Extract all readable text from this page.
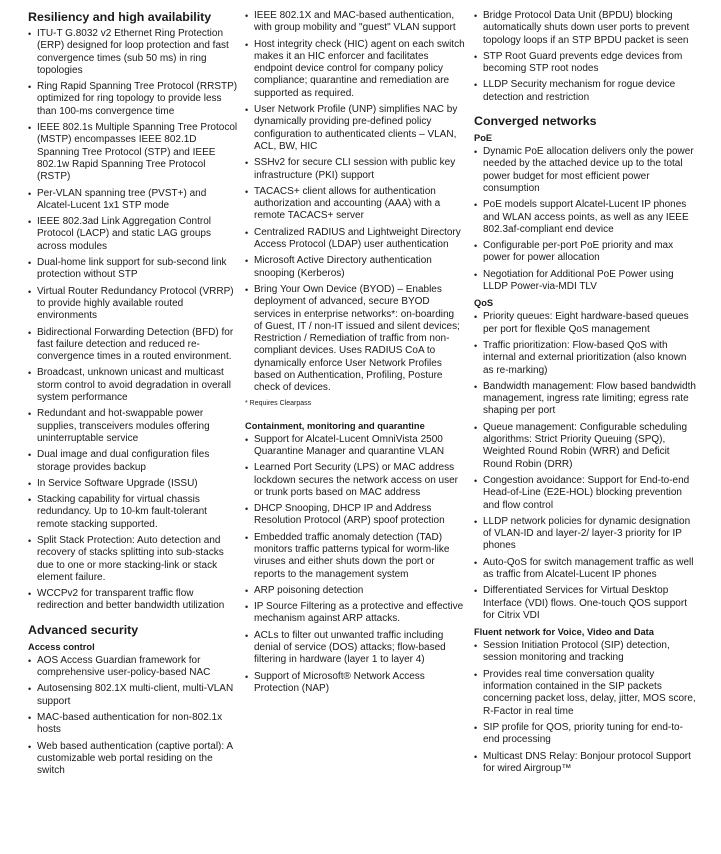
Resiliency and high availability
• ITU-T G.8032 v2 Ethernet Ring Protection (ERP) designed for loop protection and fast convergence times (sub 50 ms) in ring topologies
• Ring Rapid Spanning Tree Protocol (RRSTP) optimized for ring topology to provide less than 100-ms convergence time
• IEEE 802.1s Multiple Spanning Tree Protocol (MSTP) encompasses IEEE 802.1D Spanning Tree Protocol (STP) and IEEE 802.1w Rapid Spanning Tree Protocol (RSTP)
• Per-VLAN spanning tree (PVST+) and Alcatel-Lucent 1x1 STP mode
• IEEE 802.3ad Link Aggregation Control Protocol (LACP) and static LAG groups across modules
• Dual-home link support for sub-second link protection without STP
• Virtual Router Redundancy Protocol (VRRP) to provide highly available routed environments
• Bidirectional Forwarding Detection (BFD) for fast failure detection and reduced re-convergence times in a routed environment.
• Broadcast, unknown unicast and multicast storm control to avoid degradation in overall system performance
• Redundant and hot-swappable power supplies, transceivers modules offering uninterruptable service
• Dual image and dual configuration files storage provides backup
• In Service Software Upgrade (ISSU)
• Stacking capability for virtual chassis redundancy. Up to 10-km fault-tolerant remote stacking supported.
• Split Stack Protection: Auto detection and recovery of stacks splitting into sub-stacks due to one or more stacking-link or stack element failure.
• WCCPv2 for transparent traffic flow redirection and better bandwidth utilization
Advanced security
Access control
• AOS Access Guardian framework for comprehensive user-policy-based NAC
• Autosensing 802.1X multi-client, multi-VLAN support
• MAC-based authentication for non-802.1x hosts
• Web based authentication (captive portal): A customizable web portal residing on the switch
• IEEE 802.1X and MAC-based authentication, with group mobility and "guest" VLAN support
• Host integrity check (HIC) agent on each switch makes it an HIC enforcer and facilitates endpoint device control for company policy compliance; quarantine and remediation are supported as required.
• User Network Profile (UNP) simplifies NAC by dynamically providing pre-defined policy configuration to authenticated clients – VLAN, ACL, BW, HIC
• SSHv2 for secure CLI session with public key infrastructure (PKI) support
• TACACS+ client allows for authentication authorization and accounting (AAA) with a remote TACACS+ server
• Centralized RADIUS and Lightweight Directory Access Protocol (LDAP) user authentication
• Microsoft Active Directory authentication snooping (Kerberos)
• Bring Your Own Device (BYOD) – Enables deployment of advanced, secure BYOD services in enterprise networks*: on-boarding of Guest, IT / non-IT issued and silent devices; Restriction / Remediation of traffic from non-compliant devices. Uses RADIUS CoA to dynamically enforce User Network Profiles based on Authentication, Profiling, Posture check of devices.

* Requires Clearpass

Containment, monitoring and quarantine
• Support for Alcatel-Lucent OmniVista 2500 Quarantine Manager and quarantine VLAN
• Learned Port Security (LPS) or MAC address lockdown secures the network access on user or trunk ports based on MAC address
• DHCP Snooping, DHCP IP and Address Resolution Protocol (ARP) spoof protection
• Embedded traffic anomaly detection (TAD) monitors traffic patterns typical for worm-like viruses and either shuts down the port or reports to the management system
• ARP poisoning detection
• IP Source Filtering as a protective and effective mechanism against ARP attacks.
• ACLs to filter out unwanted traffic including denial of service (DOS) attacks; flow-based filtering in hardware (layer 1 to layer 4)
• Support of Microsoft® Network Access Protection (NAP)
• Bridge Protocol Data Unit (BPDU) blocking automatically shuts down user ports to prevent topology loops if an STP BPDU packet is seen
• STP Root Guard prevents edge devices from becoming STP root nodes
• LLDP Security mechanism for rogue device detection and restriction
Converged networks
PoE
• Dynamic PoE allocation delivers only the power needed by the attached device up to the total power budget for most efficient power consumption
• PoE models support Alcatel-Lucent IP phones and WLAN access points, as well as any IEEE 802.3af-compliant end device
• Configurable per-port PoE priority and max power for power allocation
• Negotiation for Additional PoE Power using LLDP Power-via-MDI TLV
QoS
• Priority queues: Eight hardware-based queues per port for flexible QoS management
• Traffic prioritization: Flow-based QoS with internal and external prioritization (also known as re-marking)
• Bandwidth management: Flow based bandwidth management, ingress rate limiting; egress rate shaping per port
• Queue management: Configurable scheduling algorithms: Strict Priority Queuing (SPQ), Weighted Round Robin (WRR) and Deficit Round Robin (DRR)
• Congestion avoidance: Support for End-to-end Head-of-Line (E2E-HOL) blocking prevention and flow control
• LLDP network policies for dynamic designation of VLAN-ID and layer-2/ layer-3 priority for IP phones
• Auto-QoS for switch management traffic as well as traffic from Alcatel-Lucent IP phones
• Differentiated Services for Virtual Desktop Interface (VDI) flows. One-touch QOS support for Citrix VDI
Fluent network for Voice, Video and Data
• Session Initiation Protocol (SIP) detection, session monitoring and tracking
• Provides real time conversation quality information contained in the SIP packets concerning packet loss, delay, jitter, MOS score, R-Factor in real time
• SIP profile for QOS, priority tuning for end-to-end processing
• Multicast DNS Relay: Bonjour protocol Support for wired Airgroup™
